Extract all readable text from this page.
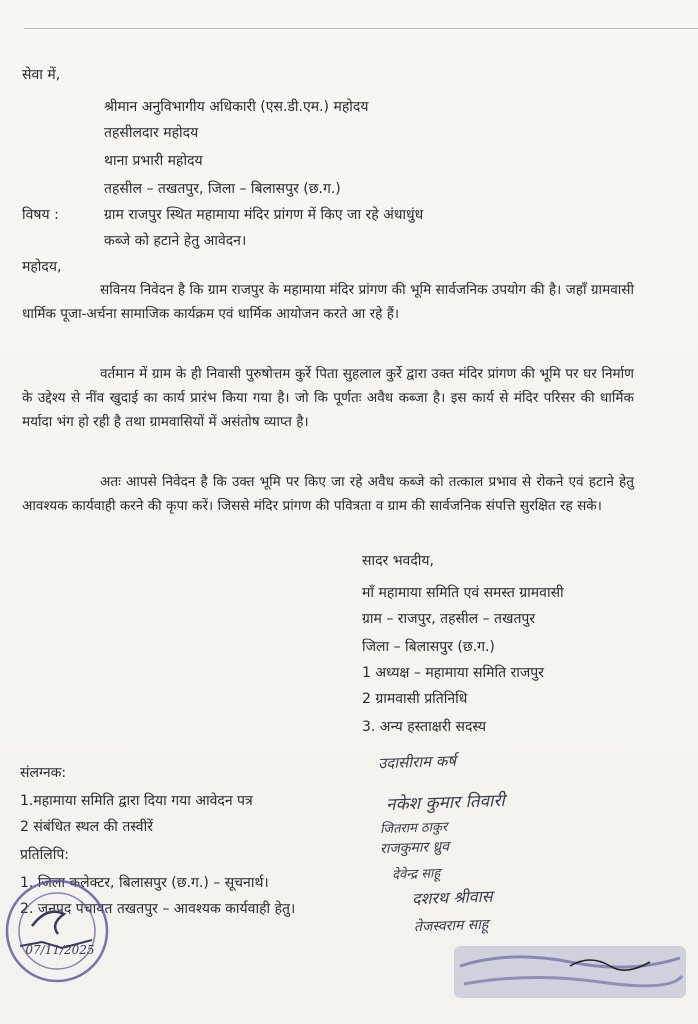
सेवा में,
श्रीमान अनुविभागीय अधिकारी (एस.डी.एम.) महोदय
तहसीलदार महोदय
थाना प्रभारी महोदय
तहसील – तखतपुर, जिला – बिलासपुर (छ.ग.)
विषय :	ग्राम राजपुर स्थित महामाया मंदिर प्रांगण में किए जा रहे अंधाधुंध
कब्जे को हटाने हेतु आवेदन।
महोदय,
सविनय निवेदन है कि ग्राम राजपुर के महामाया मंदिर प्रांगण की भूमि सार्वजनिक उपयोग की है। जहाँ ग्रामवासी धार्मिक पूजा-अर्चना सामाजिक कार्यक्रम एवं धार्मिक आयोजन करते आ रहे हैं।
वर्तमान में ग्राम के ही निवासी पुरुषोत्तम कुर्रे पिता सुहलाल कुर्रे द्वारा उक्त मंदिर प्रांगण की भूमि पर घर निर्माण के उद्देश्य से नींव खुदाई का कार्य प्रारंभ किया गया है। जो कि पूर्णतः अवैध कब्जा है। इस कार्य से मंदिर परिसर की धार्मिक मर्यादा भंग हो रही है तथा ग्रामवासियों में असंतोष व्याप्त है।
अतः आपसे निवेदन है कि उक्त भूमि पर किए जा रहे अवैध कब्जे को तत्काल प्रभाव से रोकने एवं हटाने हेतु आवश्यक कार्यवाही करने की कृपा करें। जिससे मंदिर प्रांगण की पवित्रता व ग्राम की सार्वजनिक संपत्ति सुरक्षित रह सके।
सादर भवदीय,
माँ महामाया समिति एवं समस्त ग्रामवासी
ग्राम – राजपुर, तहसील – तखतपुर
जिला – बिलासपुर (छ.ग.)
1 अध्यक्ष – महामाया समिति राजपुर
2 ग्रामवासी प्रतिनिधि
3. अन्य हस्ताक्षरी सदस्य
संलग्नक:
1.महामाया समिति द्वारा दिया गया आवेदन पत्र
2 संबंधित स्थल की तस्वीरें
प्रतिलिपि:
1. जिला कलेक्टर, बिलासपुर (छ.ग.) – सूचनार्थ।
2. जनपद पंचायत तखतपुर – आवश्यक कार्यवाही हेतु।
उदासीराम कर्ष
नकेश कुमार तिवारी
जितराम ठाकुर
राजकुमार ध्रुव
देवेन्द्र साहू
दशरथ श्रीवास
तेजस्वराम साहू
07/11/2025
